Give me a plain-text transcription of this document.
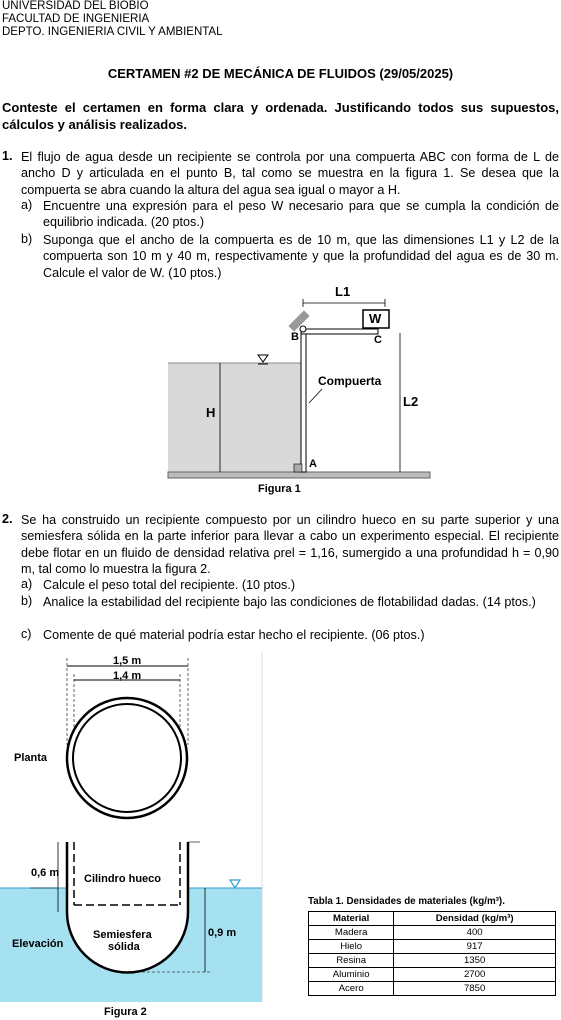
UNIVERSIDAD DEL BIOBIO
FACULTAD DE INGENIERIA
DEPTO. INGENIERIA CIVIL Y AMBIENTAL
CERTAMEN #2 DE MECÁNICA DE FLUIDOS (29/05/2025)
Conteste el certamen en forma clara y ordenada. Justificando todos sus supuestos, cálculos y análisis realizados.
1. El flujo de agua desde un recipiente se controla por una compuerta ABC con forma de L de ancho D y articulada en el punto B, tal como se muestra en la figura 1. Se desea que la compuerta se abra cuando la altura del agua sea igual o mayor a H.
a) Encuentre una expresión para el peso W necesario para que se cumpla la condición de equilibrio indicada. (20 ptos.)
b) Suponga que el ancho de la compuerta es de 10 m, que las dimensiones L1 y L2 de la compuerta son 10 m y 40 m, respectivamente y que la profundidad del agua es de 30 m. Calcule el valor de W. (10 ptos.)
L1
W
B	C
Compuerta
L2
H
A
Figura 1
2. Se ha construido un recipiente compuesto por un cilindro hueco en su parte superior y una semiesfera sólida en la parte inferior para llevar a cabo un experimento especial. El recipiente debe flotar en un fluido de densidad relativa ρrel = 1,16, sumergido a una profundidad h = 0,90 m, tal como lo muestra la figura 2.
a) Calcule el peso total del recipiente. (10 ptos.)
b) Analice la estabilidad del recipiente bajo las condiciones de flotabilidad dadas. (14 ptos.)
c) Comente de qué material podría estar hecho el recipiente. (06 ptos.)
1,5 m
1,4 m
Planta
0,6 m Cilindro hueco
Elevación
Semiesfera
sólida
0,9 m
Figura 2
Tabla 1. Densidades de materiales (kg/m³).
Material	Densidad (kg/m³)
Madera	400
Hielo	917
Resina	1350
Aluminio	2700
Acero	7850
